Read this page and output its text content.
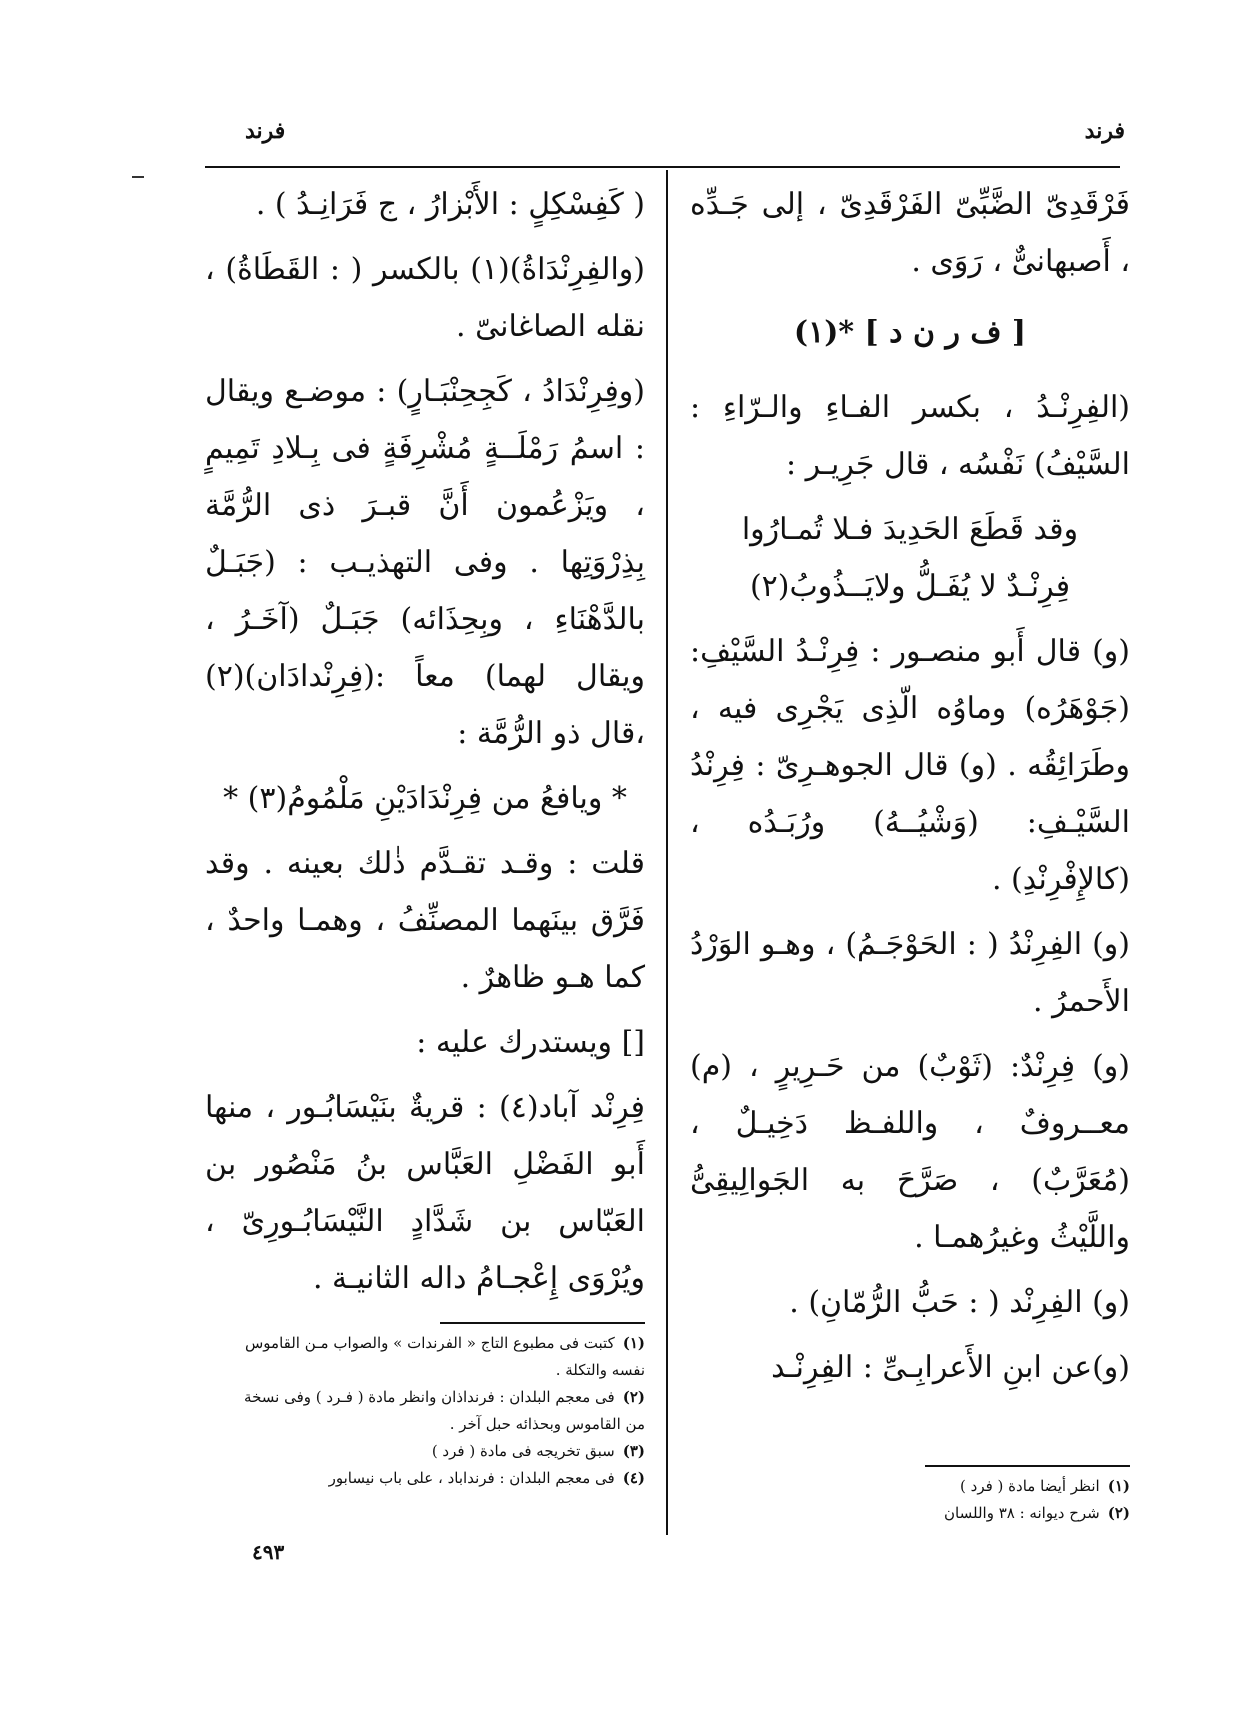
فرند
فرند

فَرْقَدِىّ الضَّبِّىّ الفَرْقَدِىّ ، إلى جَـدِّه ، أَصبهانىٌّ ، رَوَى .

[ ف ر ن د ] *(١)

(الفِرِنْـدُ ، بكسر الفـاءِ والـرّاءِ : السَّيْفُ) نَفْسُه ، قال جَرِيـر :

وقد قَطَعَ الحَدِيدَ فـلا تُمـارُوا

فِرِنْـدٌ لا يُفَـلُّ ولايَــذُوبُ(٢)

(و) قال أَبو منصـور : فِرِنْـدُ السَّيْفِ: (جَوْهَرُه) وماوُه الّذِى يَجْرِى فيه ، وطَرَائِقُه . (و) قال الجوهـرِىّ : فِرِنْدُ السَّيْـفِ: (وَشْيُــهُ) ورُبَـدُه ، (كالإِفْرِنْدِ) .

(و) الفِرِنْدُ ( : الحَوْجَـمُ) ، وهـو الوَرْدُ الأَحمرُ .

(و) فِرِنْدٌ: (ثَوْبٌ) من حَـرِيرٍ ، (م) معــروفٌ ، واللفـظ دَخِيـلٌ ، (مُعَرَّبٌ) ، صَرَّحَ به الجَوالِيقِىُّ واللَّيْثُ وغيرُهمـا .

(و) الفِرِنْد ( : حَبُّ الرُّمّانِ) .

(و)عن ابنِ الأَعرابِـىِّ : الفِرِنْـد

( كَفِسْكِلٍ : الأَبْزارُ ، ج فَرَانِـدُ ) .

(والفِرِنْدَاةُ)(١) بالكسر ( : القَطَاةُ) ، نقله الصاغانىّ .

(وفِرِنْدَادُ ، كَجِحِنْبَـارٍ) : موضـع ويقال : اسمُ رَمْلَــةٍ مُشْرِفَةٍ فى بِـلادِ تَمِيمٍ ، ويَزْعُمون أَنَّ قبـرَ ذى الرُّمَّة بِذِرْوَتِها . وفى التهذيـب : (جَبَـلٌ بالدَّهْنَاءِ ، وبِحِذَائه) جَبَـلٌ (آخَـرُ ، ويقال لهما) معاً :(فِرِنْدادَان)(٢) ،قال ذو الرُّمَّة :

* ويافعُ من فِرِنْدَادَيْنِ مَلْمُومُ(٣) *

قلت : وقـد تقـدَّم ذٰلك بعينه . وقد فَرَّق بينَهما المصنِّفُ ، وهمـا واحدٌ ، كما هـو ظاهرٌ .

[] ويستدرك عليه :

فِرِنْد آباد(٤) : قريةٌ بنَيْسَابُـور ، منها أَبو الفَضْلِ العَبَّاس بنُ مَنْصُور بن العَبّاس بن شَدَّادٍ النَّيْسَابُـورِىّ ، ويُرْوَى إِعْجـامُ داله الثانيـة .

(١)كتبت فى مطبوع التاج « الفرندات » والصواب مـن القاموس نفسه والتكلة .

(٢)فى معجم البلدان : فرنداذان وانظر مادة ( فـرد ) وفى نسخة من القاموس وبحذائه حبل آخر .

(٣)سبق تخريجه فى مادة ( فرد )

(٤)فى معجم البلدان : فرنداباد ، على باب نيسابور	(١)انظر أيضا مادة ( فرد )

(٢)شرح ديوانه : ٣٨ واللسان

٤٩٣
